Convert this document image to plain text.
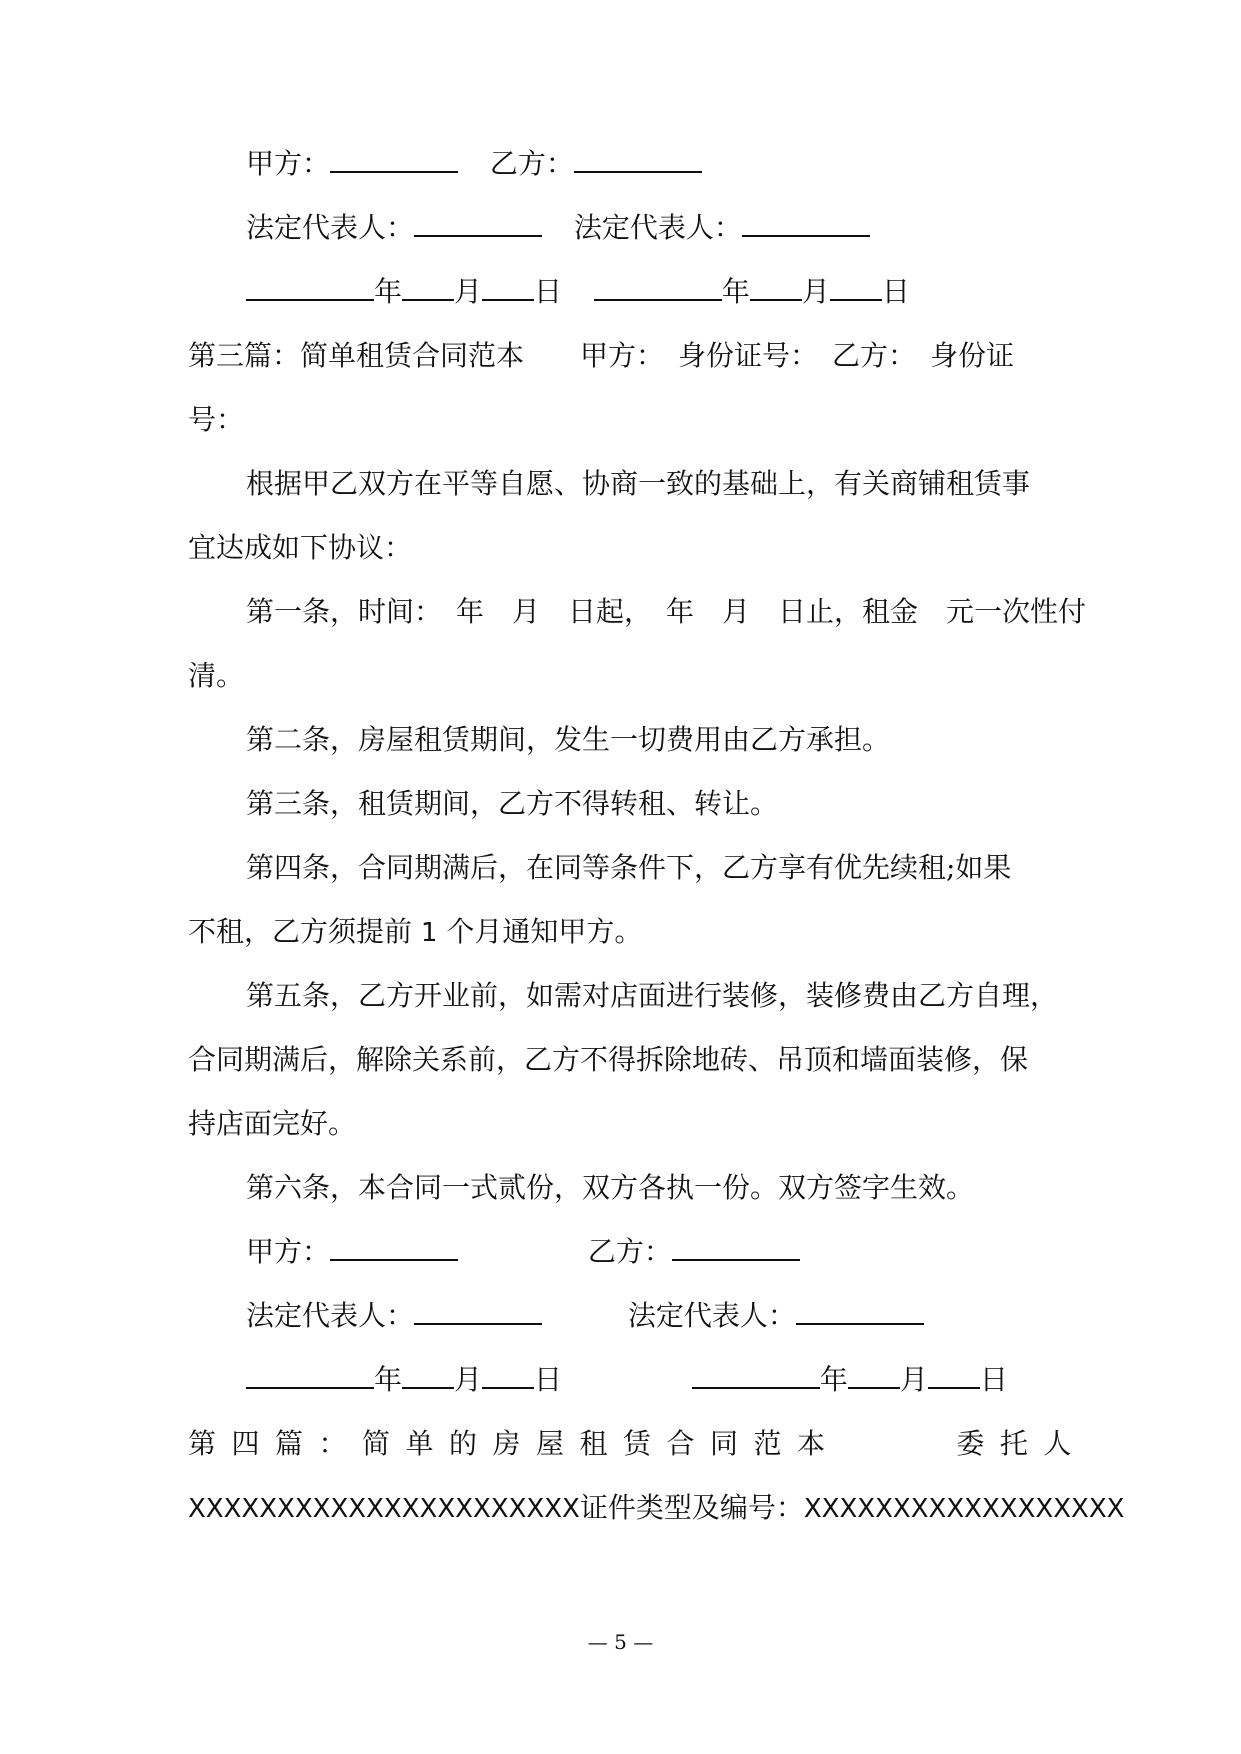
甲方：	乙方：
法定代表人：	法定代表人：
年 月 日	年 月 日
第三篇：简单租赁合同范本　　甲方：　身份证号：　乙方：　身份证
号：
根据甲乙双方在平等自愿、协商一致的基础上，有关商铺租赁事
宜达成如下协议：
第一条，时间：　年　月　日起，　年　月　日止，租金　元一次性付
清。
第二条，房屋租赁期间，发生一切费用由乙方承担。
第三条，租赁期间，乙方不得转租、转让。
第四条，合同期满后，在同等条件下，乙方享有优先续租;如果
不租，乙方须提前 1 个月通知甲方。
第五条，乙方开业前，如需对店面进行装修，装修费由乙方自理，
合同期满后，解除关系前，乙方不得拆除地砖、吊顶和墙面装修，保
持店面完好。
第六条，本合同一式贰份，双方各执一份。双方签字生效。
甲方：	乙方：
法定代表人：	法定代表人：
年 月 日	年 月 日
第四篇：简单的房屋租赁合同范本	委托人
XXXXXXXXXXXXXXXXXXXXXX证件类型及编号：XXXXXXXXXXXXXXXXXX
— 5 —
